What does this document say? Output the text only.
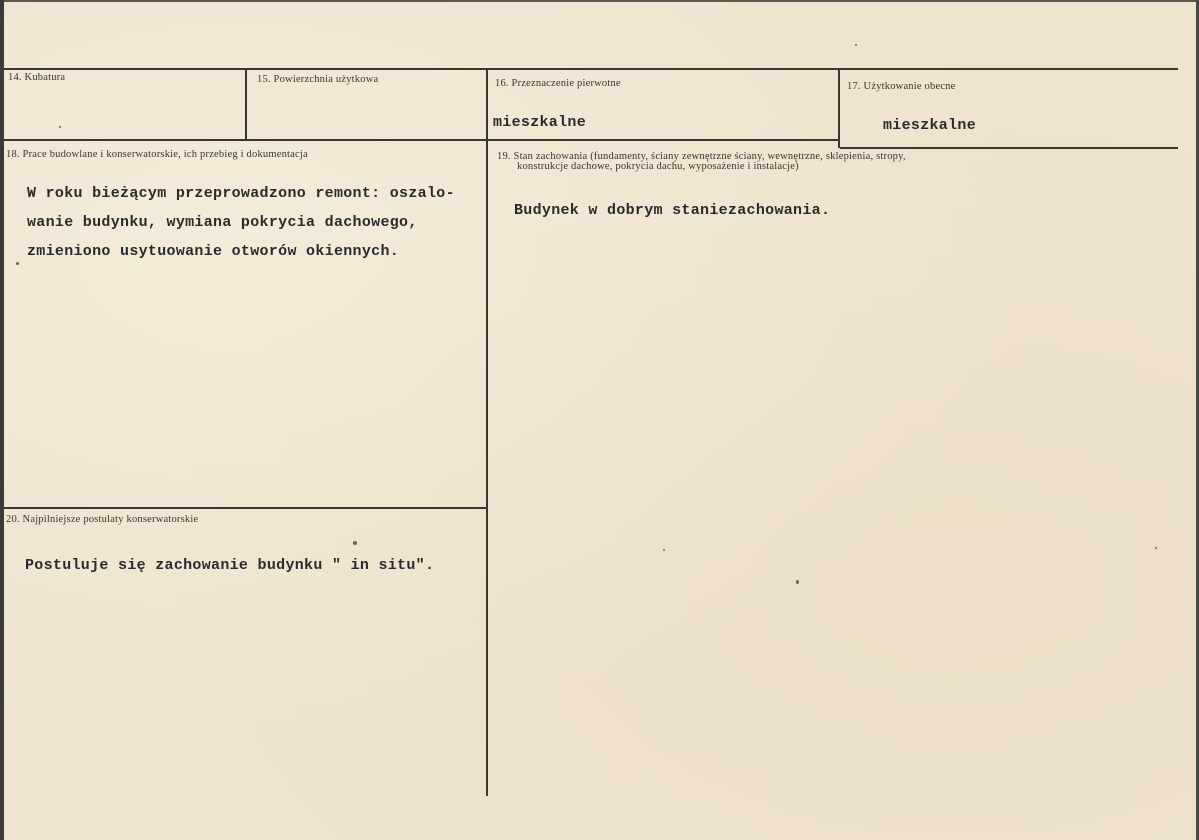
14. Kubatura	15. Powierzchnia użytkowa	16. Przeznaczenie pierwotne
mieszkalne
17. Użytkowanie obecne
mieszkalne
18. Prace budowlane i konserwatorskie, ich przebieg i dokumentacja
W roku bieżącym przeprowadzono remont: oszalo-
wanie budynku, wymiana pokrycia dachowego,
zmieniono usytuowanie otworów okiennych.
19. Stan zachowania (fundamenty, ściany zewnętrzne ściany, wewnętrzne, sklepienia, stropy,
konstrukcje dachowe, pokrycia dachu, wyposażenie i instalacje)
Budynek w dobrym staniezachowania.
20. Najpilniejsze postulaty konserwatorskie
Postuluje się zachowanie budynku " in situ".
